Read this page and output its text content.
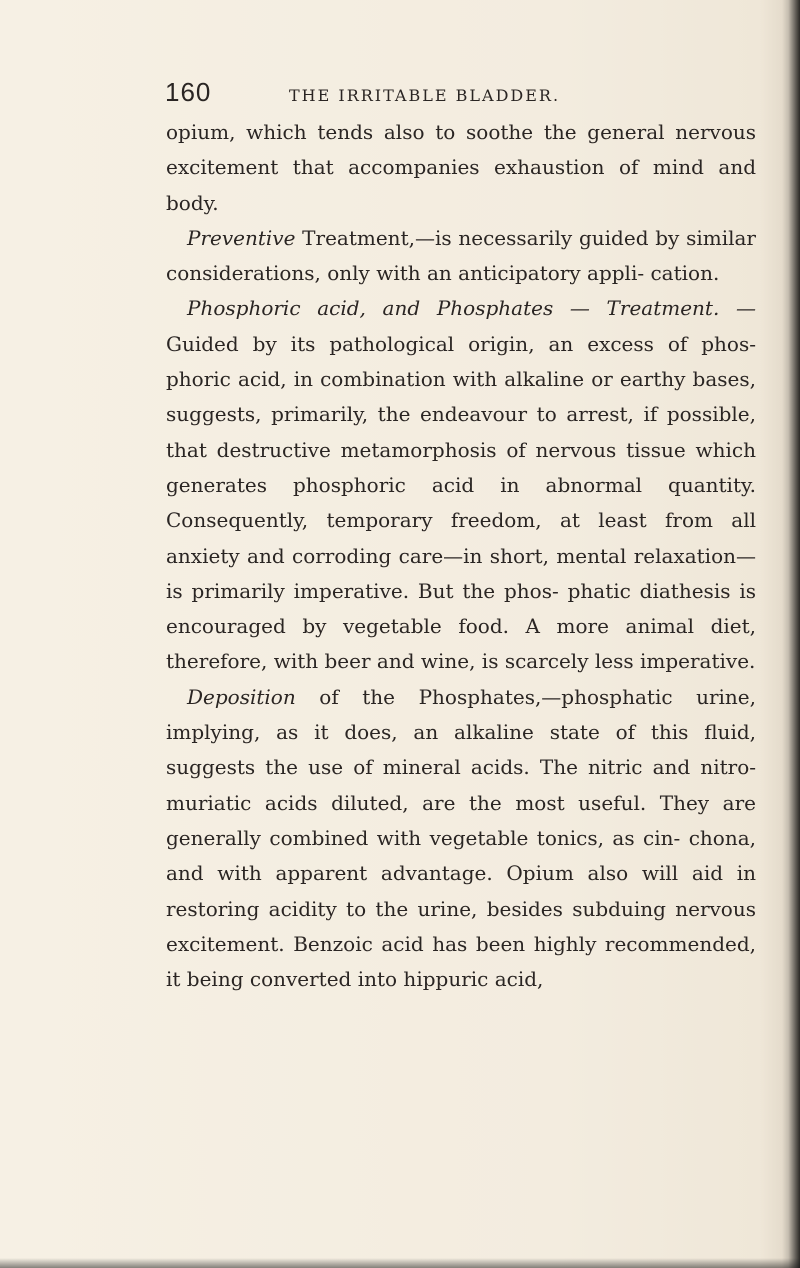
160	THE IRRITABLE BLADDER.

opium, which tends also to soothe the general nervous excitement that accompanies exhaustion of mind and body.

Preventive Treatment,—is necessarily guided by similar considerations, only with an anticipatory appli- cation.

Phosphoric acid, and Phosphates — Treatment. — Guided by its pathological origin, an excess of phos- phoric acid, in combination with alkaline or earthy bases, suggests, primarily, the endeavour to arrest, if possible, that destructive metamorphosis of nervous tissue which generates phosphoric acid in abnormal quantity. Consequently, temporary freedom, at least from all anxiety and corroding care—in short, mental relaxation—is primarily imperative. But the phos- phatic diathesis is encouraged by vegetable food. A more animal diet, therefore, with beer and wine, is scarcely less imperative.

Deposition of the Phosphates,—phosphatic urine, implying, as it does, an alkaline state of this fluid, suggests the use of mineral acids. The nitric and nitro-muriatic acids diluted, are the most useful. They are generally combined with vegetable tonics, as cin- chona, and with apparent advantage. Opium also will aid in restoring acidity to the urine, besides subduing nervous excitement. Benzoic acid has been highly recommended, it being converted into hippuric acid,
